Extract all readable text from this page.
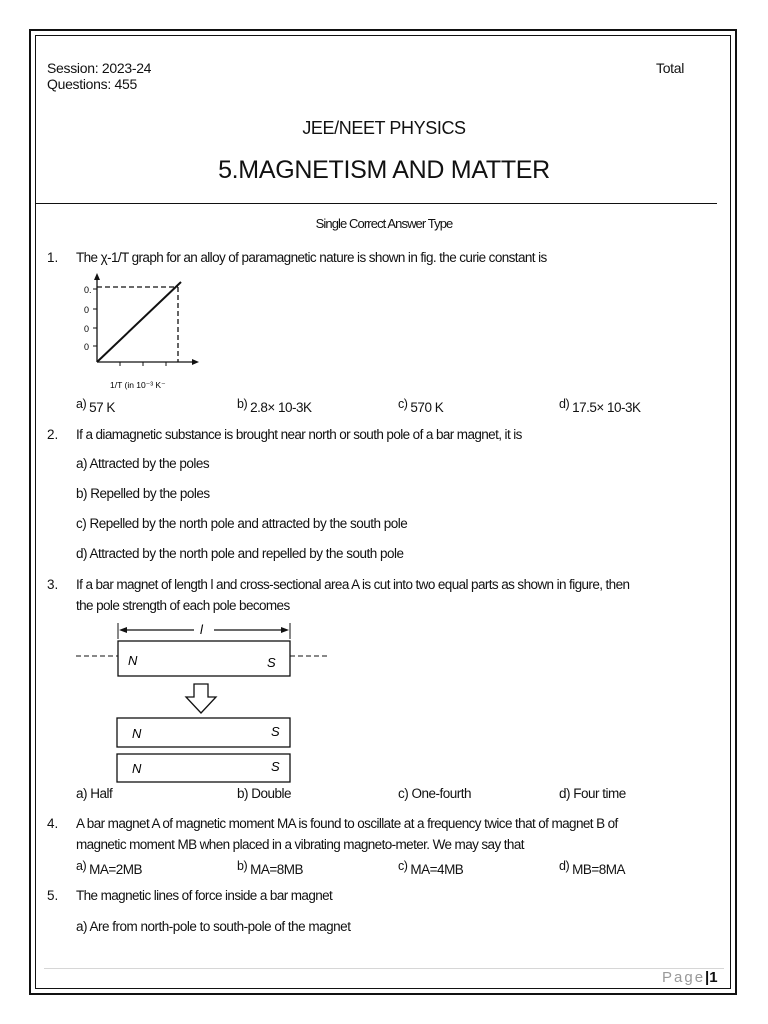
Session: 2023-24
Questions: 455
Total
JEE/NEET PHYSICS
5.MAGNETISM AND MATTER
Single Correct Answer Type
1. The χ-1/T graph for an alloy of paramagnetic nature is shown in fig. the curie constant is
0.
0
0
0
1/T (in 10⁻³ K⁻
a) 57 K	b) 2.8× 10-3K	c) 570 K	d) 17.5× 10-3K
2. If a diamagnetic substance is brought near north or south pole of a bar magnet, it is
a) Attracted by the poles
b) Repelled by the poles
c) Repelled by the north pole and attracted by the south pole
d) Attracted by the north pole and repelled by the south pole
3. If a bar magnet of length l and cross-sectional area A is cut into two equal parts as shown in figure, then
the pole strength of each pole becomes
l
N	S
N	S
N	S
a) Half	b) Double	c) One-fourth	d) Four time
4. A bar magnet A of magnetic moment MA is found to oscillate at a frequency twice that of magnet B of
magnetic moment MB when placed in a vibrating magneto-meter. We may say that
a) MA=2MB	b) MA=8MB	c) MA=4MB	d) MB=8MA
5. The magnetic lines of force inside a bar magnet
a) Are from north-pole to south-pole of the magnet
Page|1
